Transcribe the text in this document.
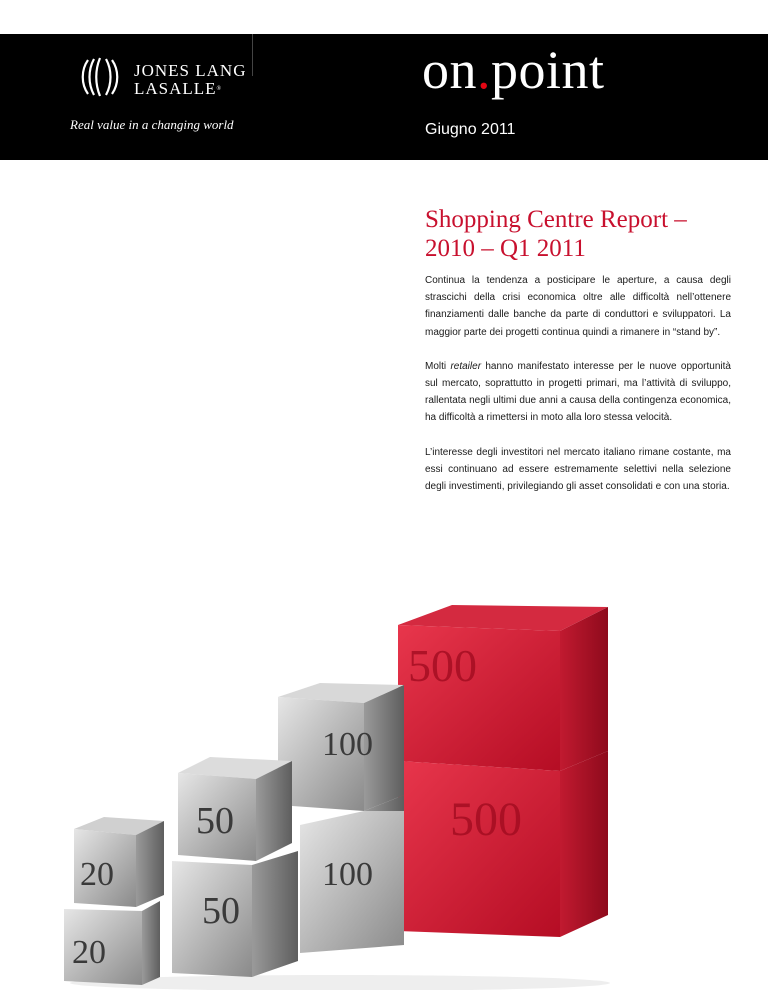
JONES LANG
LASALLE®
Real value in a changing world
on.point
Giugno 2011
Shopping Centre Report –
2010 – Q1 2011

Continua la tendenza a posticipare le aperture, a causa degli strascichi della crisi economica oltre alle difficoltà nell’ottenere finanziamenti dalle banche da parte di conduttori e sviluppatori. La maggior parte dei progetti continua quindi a rimanere in “stand by”.

Molti retailer hanno manifestato interesse per le nuove opportunità sul mercato, soprattutto in progetti primari, ma l’attività di sviluppo, rallentata negli ultimi due anni a causa della contingenza economica, ha difficoltà a rimettersi in moto alla loro stessa velocità.

L’interesse degli investitori nel mercato italiano rimane costante, ma essi continuano ad essere estremamente selettivi nella selezione degli investimenti, privilegiando gli asset consolidati e con una storia.

500
500
100
100
50
50
20
20
